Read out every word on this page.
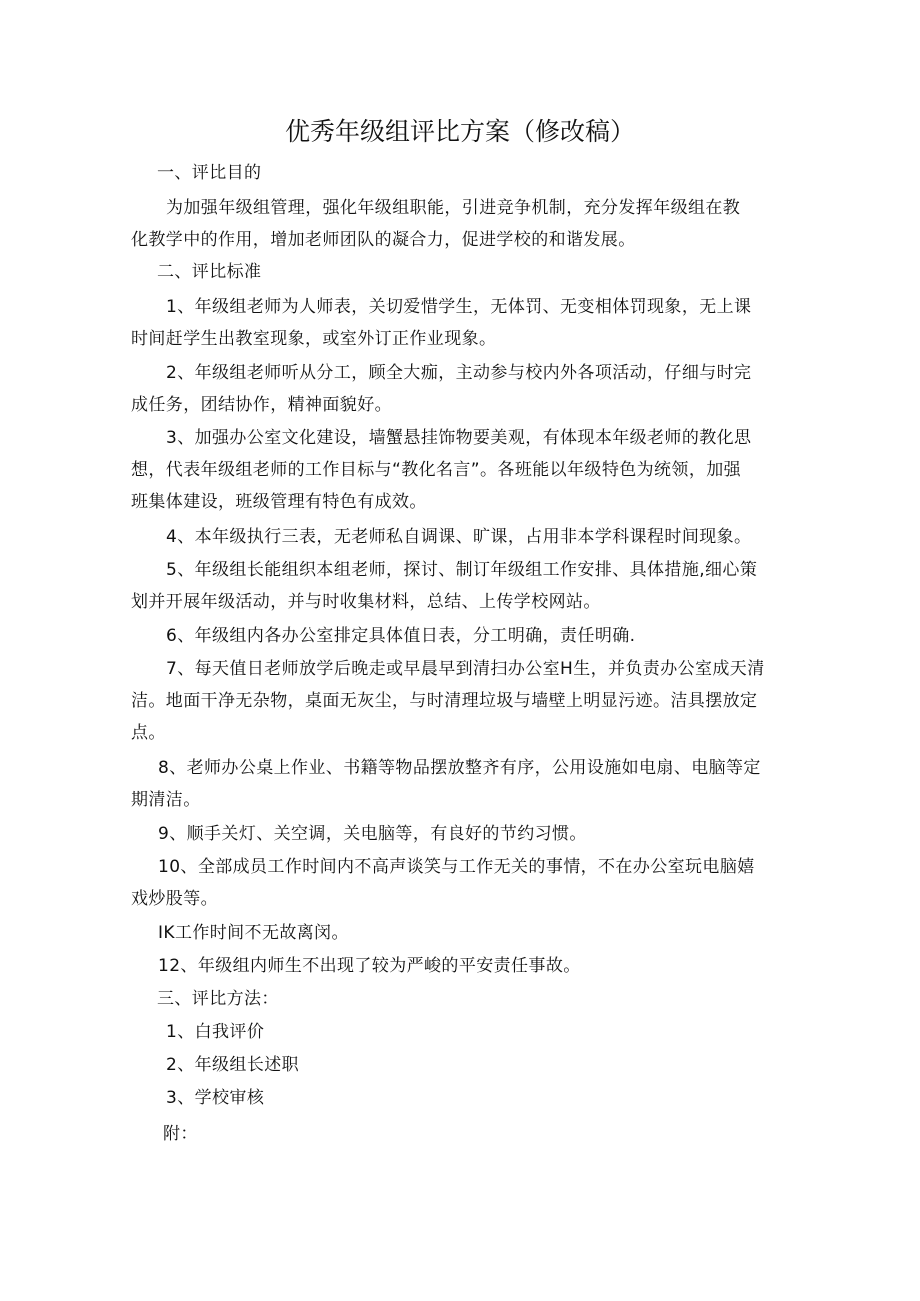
优秀年级组评比方案（修改稿）

一、评比目的

为加强年级组管理，强化年级组职能，引进竞争机制，充分发挥年级组在教
化教学中的作用，增加老师团队的凝合力，促进学校的和谐发展。

二、评比标准

1、年级组老师为人师表，关切爱惜学生，无体罚、无变相体罚现象，无上课
时间赶学生出教室现象，或室外订正作业现象。

2、年级组老师听从分工，顾全大痂，主动参与校内外各项活动，仔细与时完
成任务，团结协作，精神面貌好。

3、加强办公室文化建设，墙蟹悬挂饰物要美观，有体现本年级老师的教化思
想，代表年级组老师的工作目标与“教化名言”。各班能以年级特色为统领，加强
班集体建设，班级管理有特色有成效。

4、本年级执行三表，无老师私自调课、旷课，占用非本学科课程时间现象。

5、年级组长能组织本组老师，探讨、制订年级组工作安排、具体措施,细心策
划并开展年级活动，并与时收集材料，总结、上传学校网站。

6、年级组内各办公室排定具体值日表，分工明确，责任明确.

7、每天值日老师放学后晚走或早晨早到清扫办公室H生，并负责办公室成天清
洁。地面干净无杂物，桌面无灰尘，与时清理垃圾与墙壁上明显污迹。洁具摆放定
点。

8、老师办公桌上作业、书籍等物品摆放整齐有序，公用设施如电扇、电脑等定
期清洁。

9、顺手关灯、关空调，关电脑等，有良好的节约习惯。

10、全部成员工作时间内不高声谈笑与工作无关的事情，不在办公室玩电脑嬉
戏炒股等。

IK工作时间不无故离闵。

12、年级组内师生不出现了较为严峻的平安责任事故。

三、评比方法：

1、白我评价

2、年级组长述职

3、学校审核

附：
